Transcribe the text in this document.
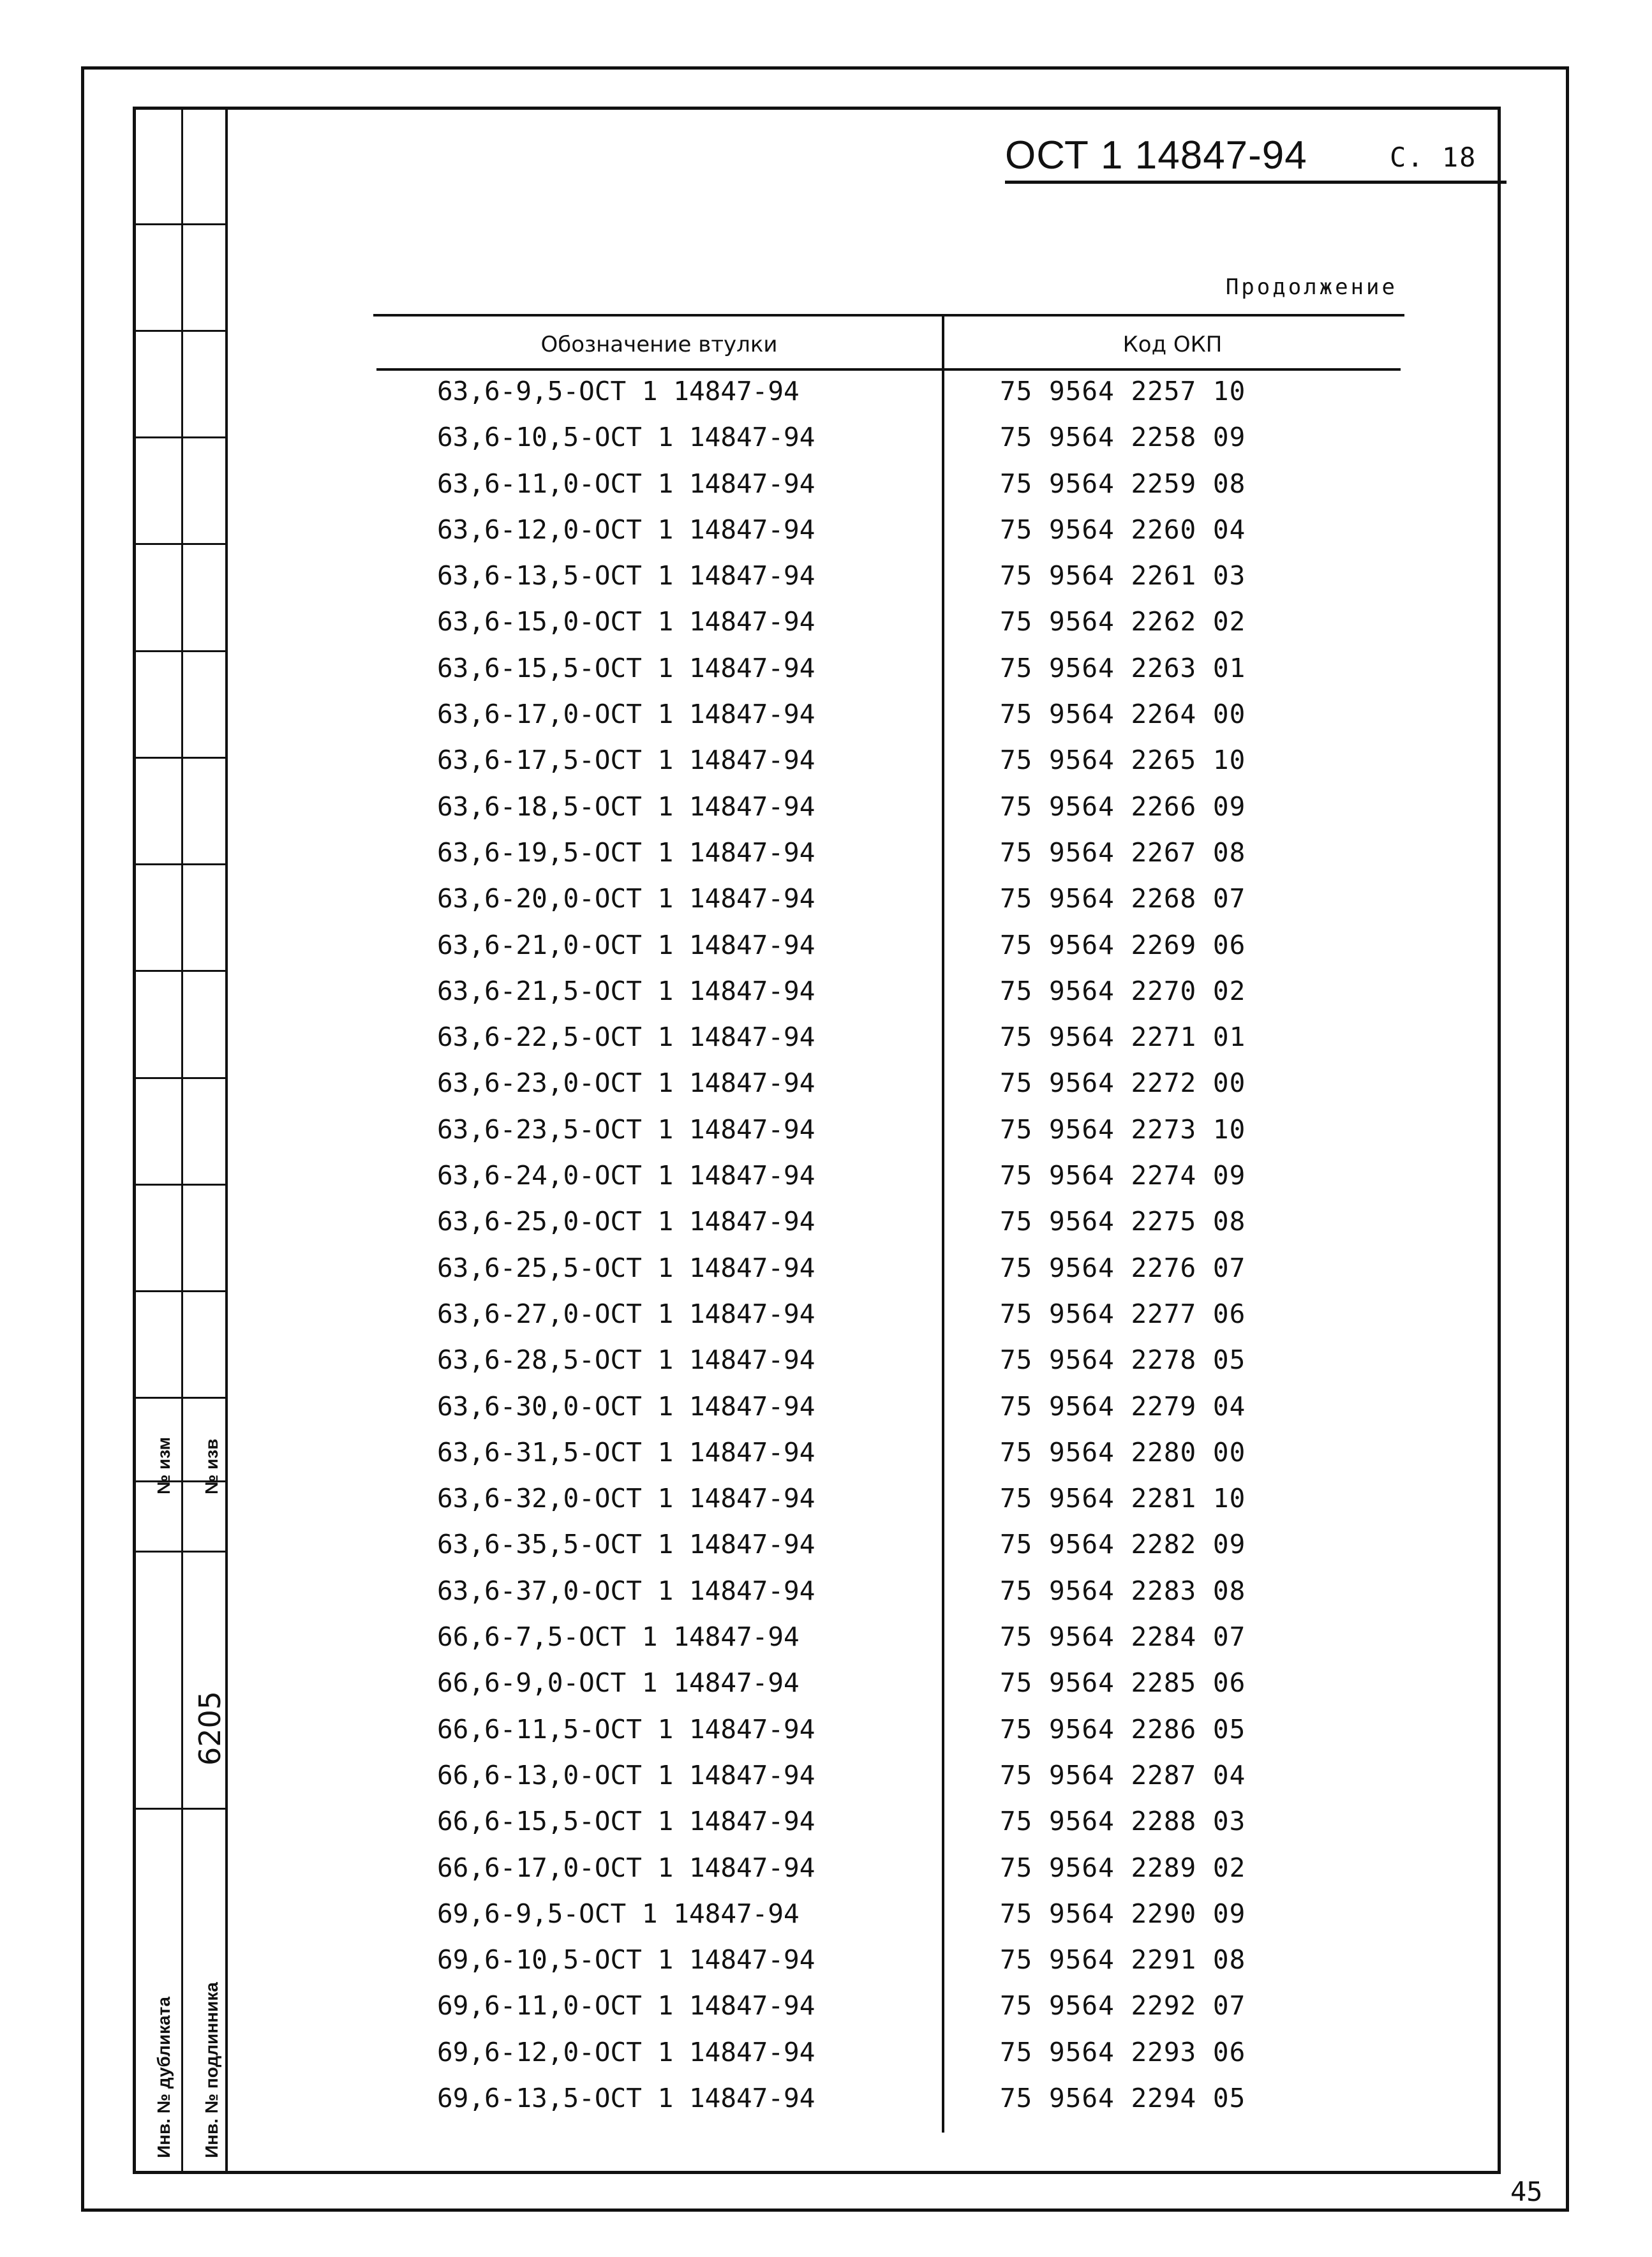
№ изм № изв
Инв. № дубликата Инв. № подлинника
6205
ОСТ 1 14847-94	С. 18
Продолжение
Обозначение втулки	Код ОКП
63,6-9,5-ОСТ 1 14847-94	75 9564 2257 10
63,6-10,5-ОСТ 1 14847-94	75 9564 2258 09
63,6-11,0-ОСТ 1 14847-94	75 9564 2259 08
63,6-12,0-ОСТ 1 14847-94	75 9564 2260 04
63,6-13,5-ОСТ 1 14847-94	75 9564 2261 03
63,6-15,0-ОСТ 1 14847-94	75 9564 2262 02
63,6-15,5-ОСТ 1 14847-94	75 9564 2263 01
63,6-17,0-ОСТ 1 14847-94	75 9564 2264 00
63,6-17,5-ОСТ 1 14847-94	75 9564 2265 10
63,6-18,5-ОСТ 1 14847-94	75 9564 2266 09
63,6-19,5-ОСТ 1 14847-94	75 9564 2267 08
63,6-20,0-ОСТ 1 14847-94	75 9564 2268 07
63,6-21,0-ОСТ 1 14847-94	75 9564 2269 06
63,6-21,5-ОСТ 1 14847-94	75 9564 2270 02
63,6-22,5-ОСТ 1 14847-94	75 9564 2271 01
63,6-23,0-ОСТ 1 14847-94	75 9564 2272 00
63,6-23,5-ОСТ 1 14847-94	75 9564 2273 10
63,6-24,0-ОСТ 1 14847-94	75 9564 2274 09
63,6-25,0-ОСТ 1 14847-94	75 9564 2275 08
63,6-25,5-ОСТ 1 14847-94	75 9564 2276 07
63,6-27,0-ОСТ 1 14847-94	75 9564 2277 06
63,6-28,5-ОСТ 1 14847-94	75 9564 2278 05
63,6-30,0-ОСТ 1 14847-94	75 9564 2279 04
63,6-31,5-ОСТ 1 14847-94	75 9564 2280 00
63,6-32,0-ОСТ 1 14847-94	75 9564 2281 10
63,6-35,5-ОСТ 1 14847-94	75 9564 2282 09
63,6-37,0-ОСТ 1 14847-94	75 9564 2283 08
66,6-7,5-ОСТ 1 14847-94	75 9564 2284 07
66,6-9,0-ОСТ 1 14847-94	75 9564 2285 06
66,6-11,5-ОСТ 1 14847-94	75 9564 2286 05
66,6-13,0-ОСТ 1 14847-94	75 9564 2287 04
66,6-15,5-ОСТ 1 14847-94	75 9564 2288 03
66,6-17,0-ОСТ 1 14847-94	75 9564 2289 02
69,6-9,5-ОСТ 1 14847-94	75 9564 2290 09
69,6-10,5-ОСТ 1 14847-94	75 9564 2291 08
69,6-11,0-ОСТ 1 14847-94	75 9564 2292 07
69,6-12,0-ОСТ 1 14847-94	75 9564 2293 06
69,6-13,5-ОСТ 1 14847-94	75 9564 2294 05
45
